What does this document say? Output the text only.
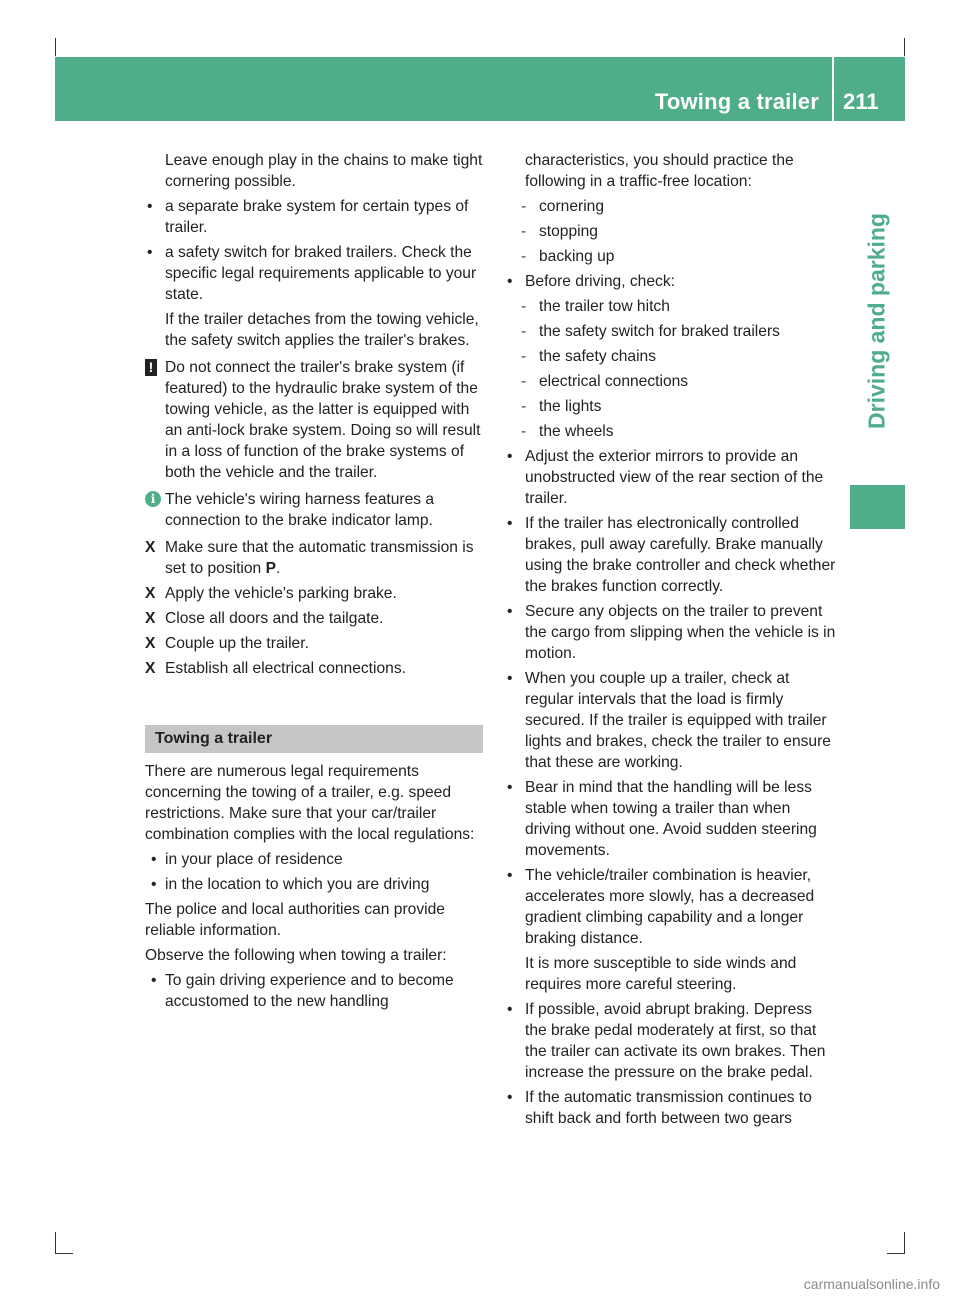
Towing a trailer 211
Driving and parking

Leave enough play in the chains to make tight cornering possible.

• a separate brake system for certain types of trailer.
• a safety switch for braked trailers. Check the specific legal requirements applicable to your state.

If the trailer detaches from the towing vehicle, the safety switch applies the trailer's brakes.

! Do not connect the trailer's brake system (if featured) to the hydraulic brake system of the towing vehicle, as the latter is equipped with an anti-lock brake system. Doing so will result in a loss of function of the brake systems of both the vehicle and the trailer.
i The vehicle's wiring harness features a connection to the brake indicator lamp.
X Make sure that the automatic transmission is set to position P.
X Apply the vehicle's parking brake.
X Close all doors and the tailgate.
X Couple up the trailer.
X Establish all electrical connections.
Towing a trailer

There are numerous legal requirements concerning the towing of a trailer, e.g. speed restrictions. Make sure that your car/trailer combination complies with the local regulations:

• in your place of residence
• in the location to which you are driving

The police and local authorities can provide reliable information.

Observe the following when towing a trailer:

• To gain driving experience and to become accustomed to the new handling

characteristics, you should practice the following in a traffic-free location:

- cornering
- stopping
- backing up
• Before driving, check:
- the trailer tow hitch
- the safety switch for braked trailers
- the safety chains
- electrical connections
- the lights
- the wheels
• Adjust the exterior mirrors to provide an unobstructed view of the rear section of the trailer.
• If the trailer has electronically controlled brakes, pull away carefully. Brake manually using the brake controller and check whether the brakes function correctly.
• Secure any objects on the trailer to prevent the cargo from slipping when the vehicle is in motion.
• When you couple up a trailer, check at regular intervals that the load is firmly secured. If the trailer is equipped with trailer lights and brakes, check the trailer to ensure that these are working.
• Bear in mind that the handling will be less stable when towing a trailer than when driving without one. Avoid sudden steering movements.
• The vehicle/trailer combination is heavier, accelerates more slowly, has a decreased gradient climbing capability and a longer braking distance.

It is more susceptible to side winds and requires more careful steering.

• If possible, avoid abrupt braking. Depress the brake pedal moderately at first, so that the trailer can activate its own brakes. Then increase the pressure on the brake pedal.
• If the automatic transmission continues to shift back and forth between two gears
carmanualsonline.info
